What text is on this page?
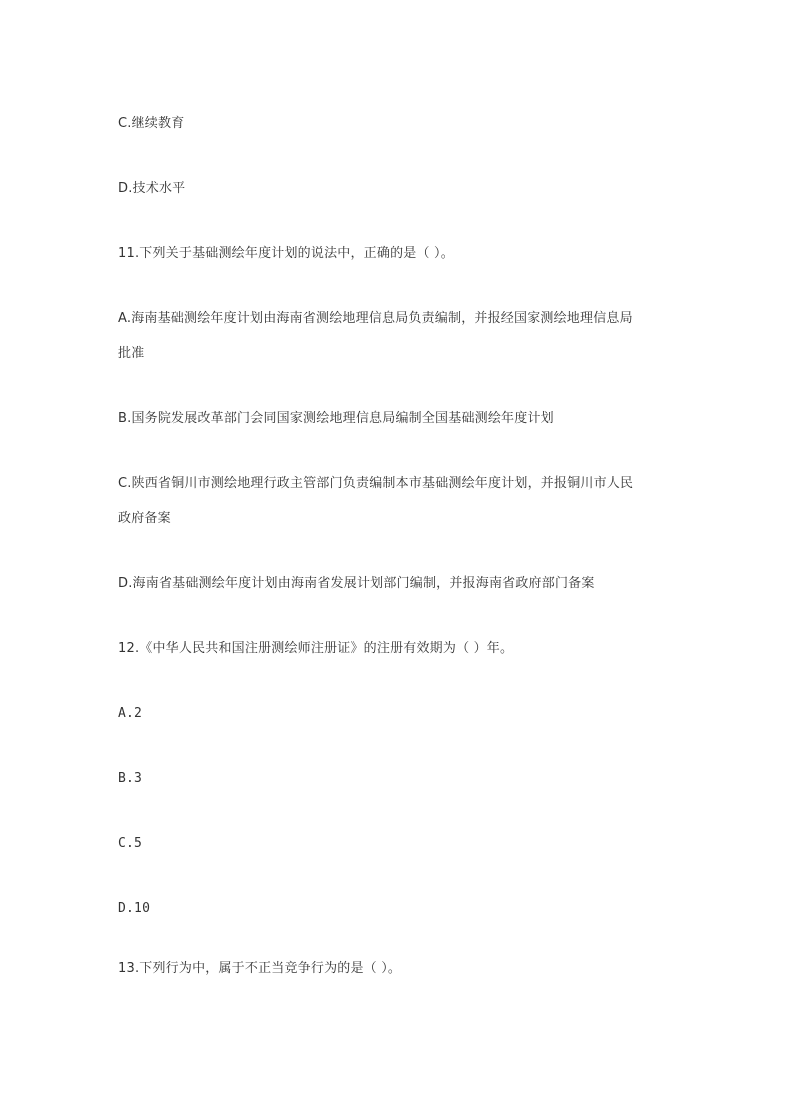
C.继续教育
D.技术水平
11.下列关于基础测绘年度计划的说法中，正确的是（ ）。
A.海南基础测绘年度计划由海南省测绘地理信息局负责编制，并报经国家测绘地理信息局
批准
B.国务院发展改革部门会同国家测绘地理信息局编制全国基础测绘年度计划
C.陕西省铜川市测绘地理行政主管部门负责编制本市基础测绘年度计划，并报铜川市人民
政府备案
D.海南省基础测绘年度计划由海南省发展计划部门编制，并报海南省政府部门备案
12.《中华人民共和国注册测绘师注册证》的注册有效期为（ ）年。
A.2
B.3
C.5
D.10
13.下列行为中，属于不正当竞争行为的是（ ）。
